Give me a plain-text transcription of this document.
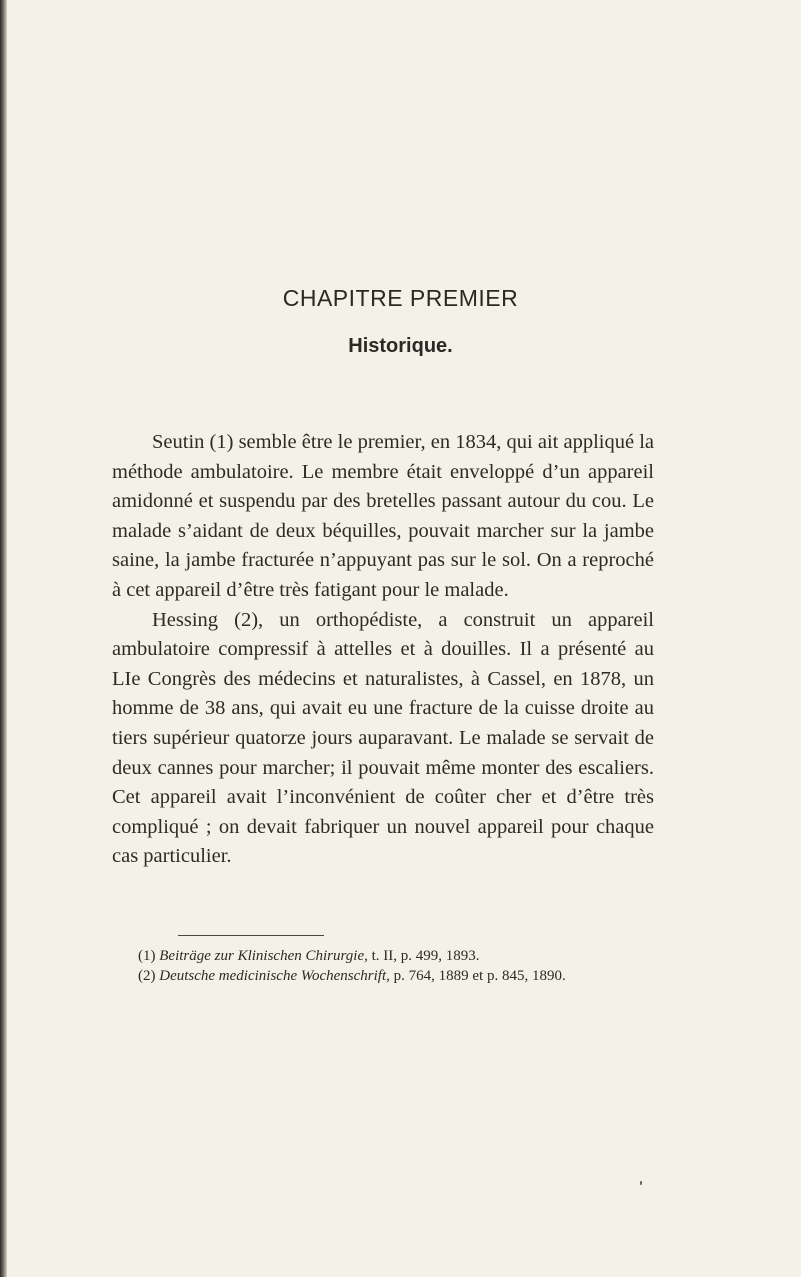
CHAPITRE PREMIER
Historique.

Seutin (1) semble être le premier, en 1834, qui ait appliqué la méthode ambulatoire. Le membre était enveloppé d’un appareil amidonné et suspendu par des bretelles passant autour du cou. Le malade s’aidant de deux béquilles, pouvait marcher sur la jambe saine, la jambe fracturée n’appuyant pas sur le sol. On a reproché à cet appareil d’être très fatigant pour le malade.

Hessing (2), un orthopédiste, a construit un appareil ambulatoire compressif à attelles et à douilles. Il a présenté au LIe Congrès des médecins et naturalistes, à Cassel, en 1878, un homme de 38 ans, qui avait eu une fracture de la cuisse droite au tiers supérieur quatorze jours auparavant. Le malade se servait de deux cannes pour marcher; il pouvait même monter des escaliers. Cet appareil avait l’inconvénient de coûter cher et d’être très compliqué ; on devait fabriquer un nouvel appareil pour chaque cas particulier.

(1) Beiträge zur Klinischen Chirurgie, t. II, p. 499, 1893.

(2) Deutsche medicinische Wochenschrift, p. 764, 1889 et p. 845, 1890.
